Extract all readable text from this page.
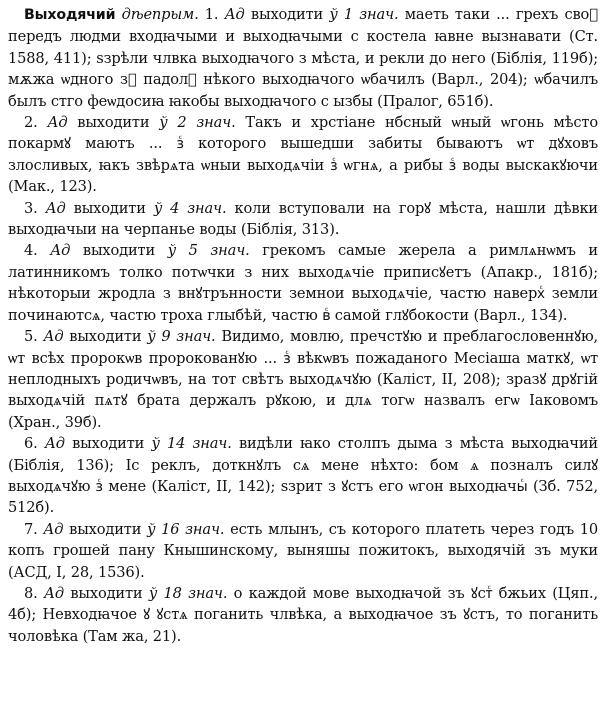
Выходячий дѣепрым. 1. Ад выходити ў 1 знач. маеть таки ... грехъ своⷭ передъ людми входꙗчыми и выходꙗчыми с костела ꙗвне вызнавати (Ст. 1588, 411); ѕзрѣли члвка выходꙗчого з мѣста, и рекли до него (Біблія, 119б); мѫжа ѡдного зⷭ падолꙋ нѣкого выходꙗчого ѡбачилъ (Варл., 204); ѡбачилъ былъ стго феѡдосиꙗ ꙗкобы выходꙗчого с ызбы (Пралог, 651б).

2. Ад выходити ў 2 знач. Такъ и хрстіане нбсный ѡный ѡгонь мѣсто покармꙋ маютъ ... зⷭ которого вышедши забиты бываютъ ѡт дꙋховъ злосливых, ꙗкъ звѣрѧта ѡныи выходѧчіи зⷭ ѡгнѧ, а рибы зⷭ воды выскакꙋючи (Мак., 123).

3. Ад выходити ў 4 знач. коли вступовали на горꙋ мѣста, нашли дѣвки выходꙗчыи на черпанье воды (Біблія, 313).

4. Ад выходити ў 5 знач. грекомъ самые жерела а римлѧнѡмъ и латинникомъ толко потѡчки з них выходѧчіе приписꙋетъ (Апакр., 181б); нѣкоторыи жродла з внꙋтрънности земнои выходѧчіе, частю наверхⷭ земли починаютсѧ, частю троха глыбѣй, частю вⷭ самой глꙋбокости (Варл., 134).

5. Ад выходити ў 9 знач. Видимо, мовлю, пречстꙋю и преблагословеннꙋю, ѡт всѣх пророкѡв пророкованꙋю ... зⷭ вѣкѡвъ пожаданого Месіаша маткꙋ, ѡт неплодныхъ родичѡвъ, на тот свѣтъ выходѧчꙋю (Каліст, II, 208); зразꙋ дрꙋгій выходѧчій пѧтꙋ брата держалъ рꙋкою, и длѧ тогѡ назвалъ егѡ Іаковомъ (Хран., 39б).

6. Ад выходити ў 14 знач. видѣли ꙗко столпъ дыма з мѣста выходꙗчий (Біблія, 136); Іс реклъ, доткнꙋлъ сѧ мене нѣхто: бом ѧ позналъ силꙋ выходѧчꙋю зⷭ мене (Каліст, II, 142); ѕзрит з ꙋстъ его ѡгон выходꙗчыⷭ (Зб. 752, 512б).

7. Ад выходити ў 16 знач. есть млынъ, съ которого платеть через годъ 10 копъ грошей пану Кнышинскому, выняшы пожитокъ, выходячій зъ муки (АСД, I, 28, 1536).

8. Ад выходити ў 18 знач. о каждой мове выходꙗчой зъ ꙋстⷭ бжьих (Цяп., 4б); Невходꙗчое ꙋ ꙋстѧ поганить члвѣка, а выходꙗчое зъ ꙋстъ, то поганить чоловѣка (Там жа, 21).
